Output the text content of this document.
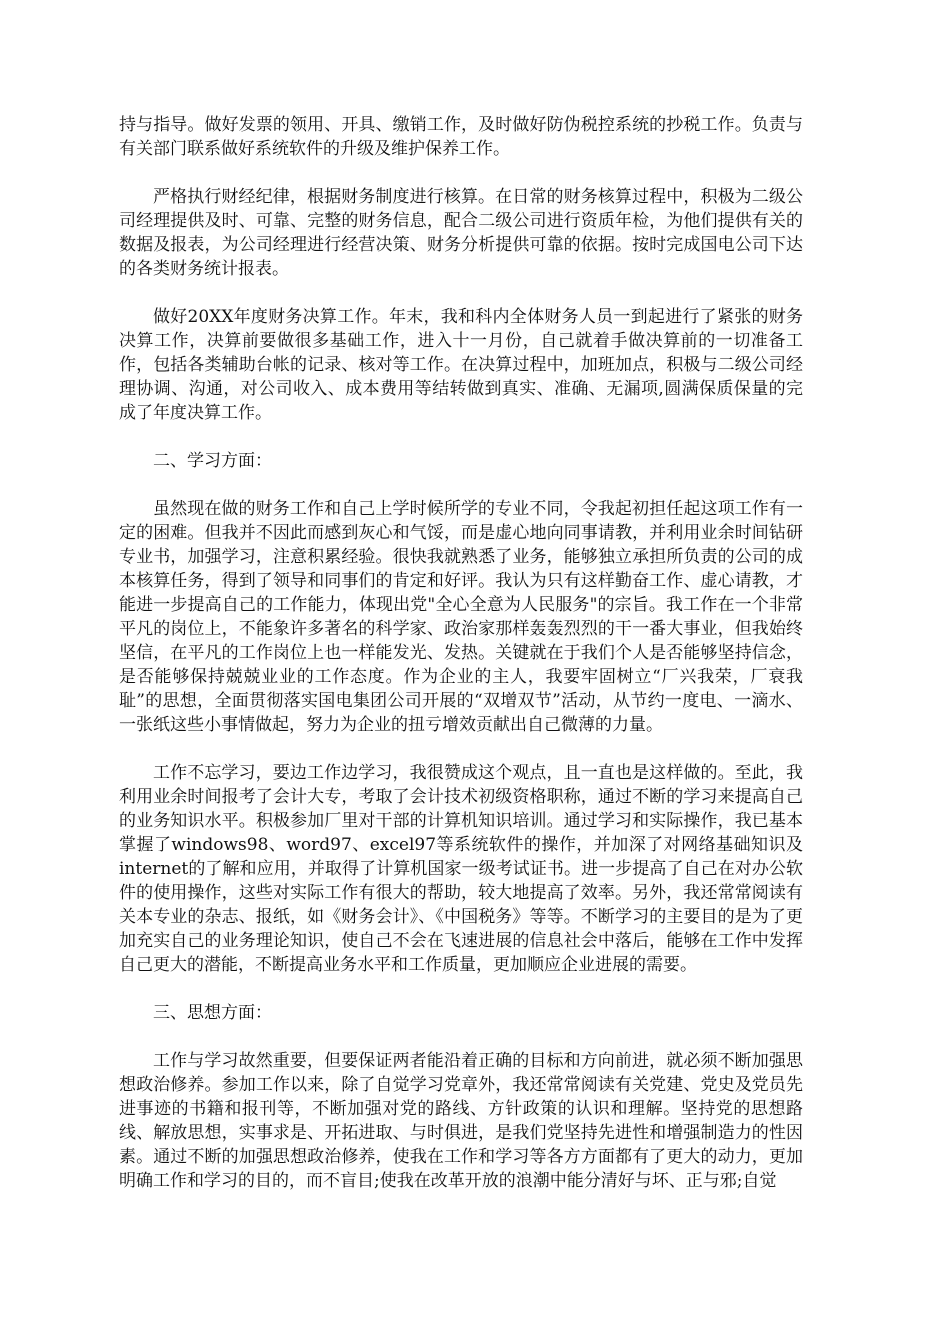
持与指导。做好发票的领用、开具、缴销工作，及时做好防伪税控系统的抄税工作。负责与有关部门联系做好系统软件的升级及维护保养工作。

严格执行财经纪律，根据财务制度进行核算。在日常的财务核算过程中，积极为二级公司经理提供及时、可靠、完整的财务信息，配合二级公司进行资质年检，为他们提供有关的数据及报表，为公司经理进行经营决策、财务分析提供可靠的依据。按时完成国电公司下达的各类财务统计报表。

做好20XX年度财务决算工作。年末，我和科内全体财务人员一到起进行了紧张的财务决算工作，决算前要做很多基础工作，进入十一月份，自己就着手做决算前的一切准备工作，包括各类辅助台帐的记录、核对等工作。在决算过程中，加班加点，积极与二级公司经理协调、沟通，对公司收入、成本费用等结转做到真实、准确、无漏项,圆满保质保量的完成了年度决算工作。

二、学习方面：

虽然现在做的财务工作和自己上学时候所学的专业不同，令我起初担任起这项工作有一定的困难。但我并不因此而感到灰心和气馁，而是虚心地向同事请教，并利用业余时间钻研专业书，加强学习，注意积累经验。很快我就熟悉了业务，能够独立承担所负责的公司的成本核算任务，得到了领导和同事们的肯定和好评。我认为只有这样勤奋工作、虚心请教，才能进一步提高自己的工作能力，体现出党"全心全意为人民服务"的宗旨。我工作在一个非常平凡的岗位上，不能象许多著名的科学家、政治家那样轰轰烈烈的干一番大事业，但我始终坚信，在平凡的工作岗位上也一样能发光、发热。关键就在于我们个人是否能够坚持信念，是否能够保持兢兢业业的工作态度。作为企业的主人，我要牢固树立“厂兴我荣，厂衰我耻”的思想，全面贯彻落实国电集团公司开展的“双增双节”活动，从节约一度电、一滴水、一张纸这些小事情做起，努力为企业的扭亏增效贡献出自己微薄的力量。

工作不忘学习，要边工作边学习，我很赞成这个观点，且一直也是这样做的。至此，我利用业余时间报考了会计大专，考取了会计技术初级资格职称，通过不断的学习来提高自己的业务知识水平。积极参加厂里对干部的计算机知识培训。通过学习和实际操作，我已基本掌握了windows98、word97、excel97等系统软件的操作，并加深了对网络基础知识及internet的了解和应用，并取得了计算机国家一级考试证书。进一步提高了自己在对办公软件的使用操作，这些对实际工作有很大的帮助，较大地提高了效率。另外，我还常常阅读有关本专业的杂志、报纸，如《财务会计》、《中国税务》等等。不断学习的主要目的是为了更加充实自己的业务理论知识，使自己不会在飞速进展的信息社会中落后，能够在工作中发挥自己更大的潜能，不断提高业务水平和工作质量，更加顺应企业进展的需要。

三、思想方面：

工作与学习故然重要，但要保证两者能沿着正确的目标和方向前进，就必须不断加强思想政治修养。参加工作以来，除了自觉学习党章外，我还常常阅读有关党建、党史及党员先进事迹的书籍和报刊等，不断加强对党的路线、方针政策的认识和理解。坚持党的思想路线、解放思想，实事求是、开拓进取、与时俱进，是我们党坚持先进性和增强制造力的性因素。通过不断的加强思想政治修养，使我在工作和学习等各方方面都有了更大的动力，更加明确工作和学习的目的，而不盲目;使我在改革开放的浪潮中能分清好与坏、正与邪;自觉
